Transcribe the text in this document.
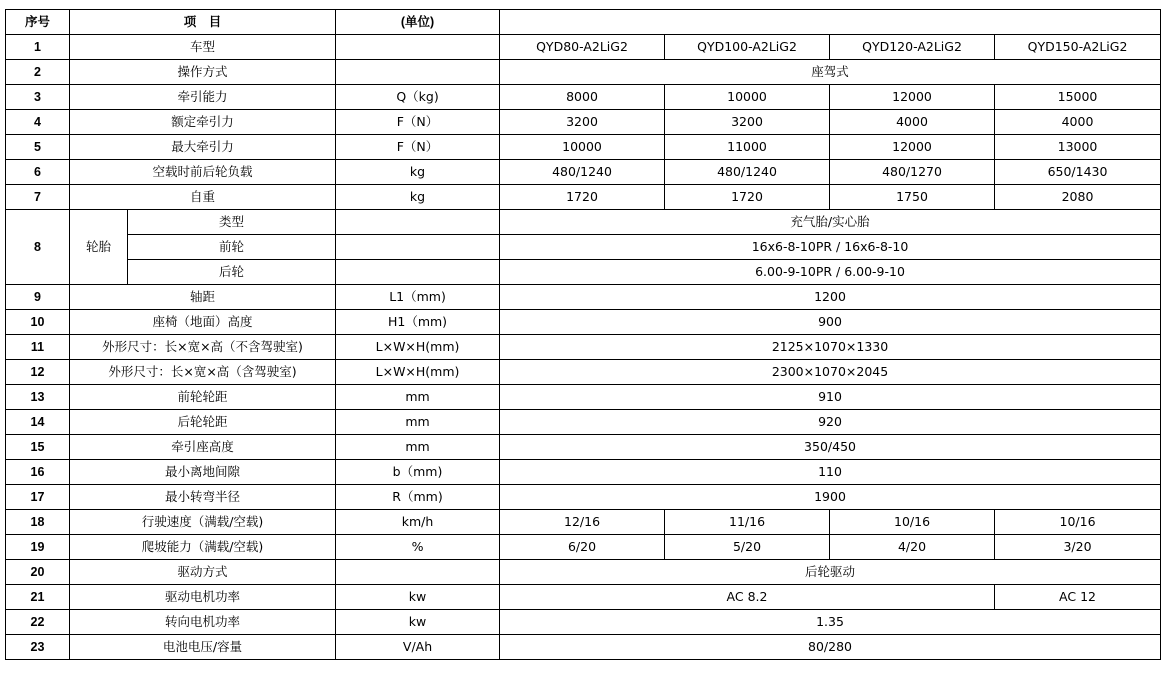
序号	项　目		(单位)				
1	车型			QYD80-A2LiG2	QYD100-A2LiG2	QYD120-A2LiG2	QYD150-A2LiG2
2	操作方式			座驾式			
3	牵引能力		Q（kg)	8000	10000	12000	15000
4	额定牵引力		F（N）	3200	3200	4000	4000
5	最大牵引力		F（N）	10000	11000	12000	13000
6	空载时前后轮负载		kg	480/1240	480/1240	480/1270	650/1430
7	自重		kg	1720	1720	1750	2080
8	轮胎	类型		充气胎/实心胎			
		前轮		16x6-8-10PR / 16x6-8-10			
		后轮		6.00-9-10PR / 6.00-9-10			
9	轴距		L1（mm)	1200			
10	座椅（地面）高度		H1（mm)	900			
11	外形尺寸：长×宽×高（不含驾驶室)		L×W×H(mm)	2125×1070×1330			
12	外形尺寸：长×宽×高（含驾驶室)		L×W×H(mm)	2300×1070×2045			
13	前轮轮距		mm	910			
14	后轮轮距		mm	920			
15	牵引座高度		mm	350/450			
16	最小离地间隙		b（mm)	110			
17	最小转弯半径		R（mm)	1900			
18	行驶速度（满载/空载)		km/h	12/16	11/16	10/16	10/16
19	爬坡能力（满载/空载)		%	6/20	5/20	4/20	3/20
20	驱动方式			后轮驱动			
21	驱动电机功率		kw	AC 8.2			AC 12
22	转向电机功率		kw	1.35			
23	电池电压/容量		V/Ah	80/280			
